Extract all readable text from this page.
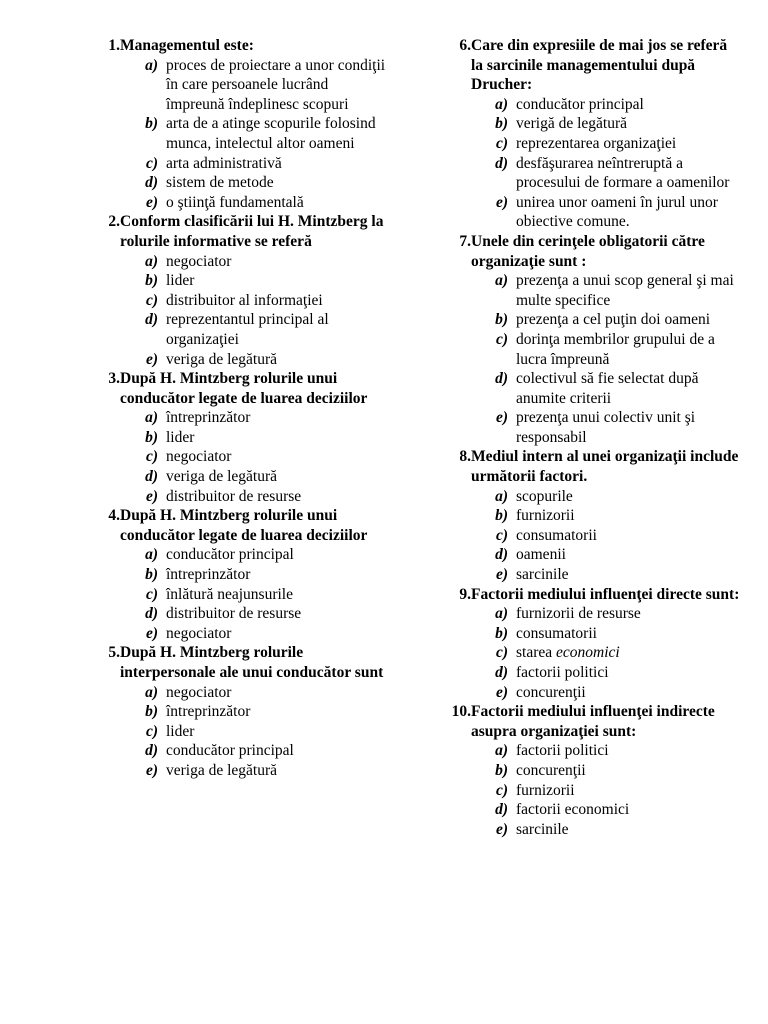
1. Managementul este:
a) proces de proiectare a unor condiţii în care persoanele lucrând împreună îndeplinesc scopuri
b) arta de a atinge scopurile folosind munca, intelectul altor oameni
c) arta administrativă
d) sistem de metode
e) o ştiinţă fundamentală
2. Conform clasificării lui H. Mintzberg la rolurile informative se referă
a) negociator
b) lider
c) distribuitor al informaţiei
d) reprezentantul principal al organizaţiei
e) veriga de legătură
3. După H. Mintzberg rolurile unui conducător legate de luarea deciziilor
a) întreprinzător
b) lider
c) negociator
d) veriga de legătură
e) distribuitor de resurse
4. După H. Mintzberg rolurile unui conducător legate de luarea deciziilor
a) conducător principal
b) întreprinzător
c) înlătură neajunsurile
d) distribuitor de resurse
e) negociator
5. După H. Mintzberg rolurile interpersonale ale unui conducător sunt
a) negociator
b) întreprinzător
c) lider
d) conducător principal
e) veriga de legătură
6. Care din expresiile de mai jos se referă la sarcinile managementului după Drucher:
a) conducător principal
b) verigă de legătură
c) reprezentarea organizaţiei
d) desfăşurarea neîntreruptă a procesului de formare a oamenilor
e) unirea unor oameni în jurul unor obiective comune.
7. Unele din cerinţele obligatorii către organizaţie sunt :
a) prezenţa a unui scop general şi mai multe specifice
b) prezenţa a cel puţin doi oameni
c) dorinţa membrilor grupului de a lucra împreună
d) colectivul să fie selectat după anumite criterii
e) prezenţa unui colectiv unit şi responsabil
8. Mediul intern al unei organizaţii include următorii factori.
a) scopurile
b) furnizorii
c) consumatorii
d) oamenii
e) sarcinile
9. Factorii mediului influenţei directe sunt:
a) furnizorii de resurse
b) consumatorii
c) starea economici
d) factorii politici
e) concurenţii
10. Factorii mediului influenţei indirecte asupra organizaţiei sunt:
a) factorii politici
b) concurenţii
c) furnizorii
d) factorii economici
e) sarcinile
